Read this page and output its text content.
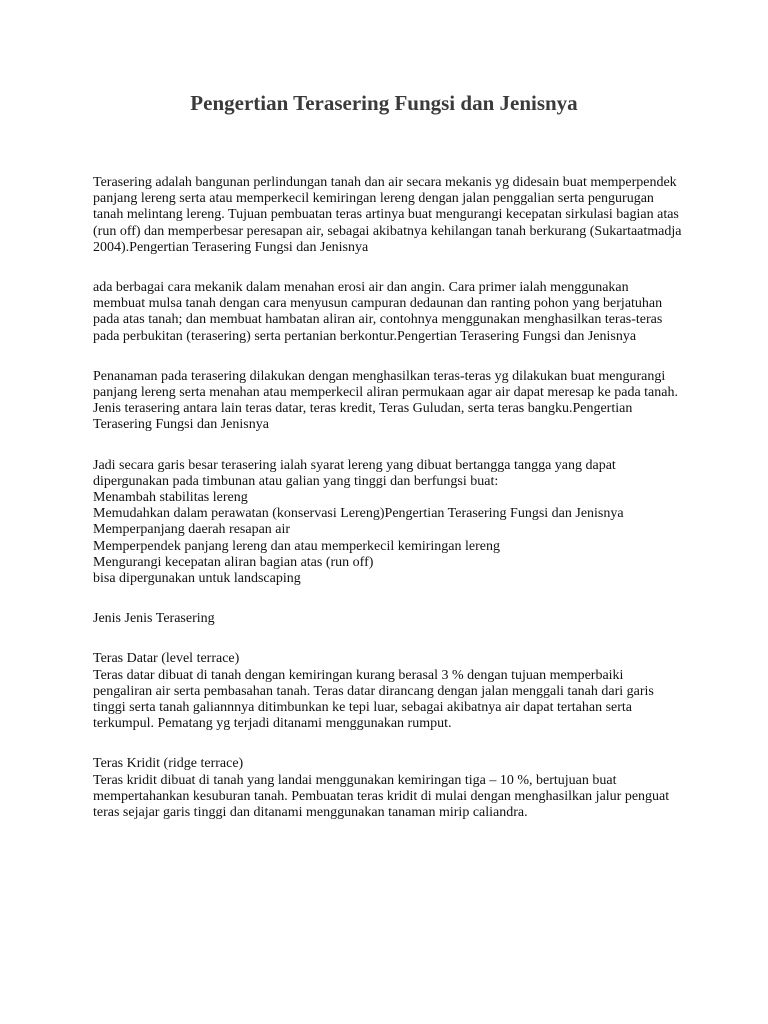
Pengertian Terasering Fungsi dan Jenisnya

Terasering adalah bangunan perlindungan tanah dan air secara mekanis yg didesain buat memperpendek panjang lereng serta atau memperkecil kemiringan lereng dengan jalan penggalian serta pengurugan tanah melintang lereng. Tujuan pembuatan teras artinya buat mengurangi kecepatan sirkulasi bagian atas (run off) dan memperbesar peresapan air, sebagai akibatnya kehilangan tanah berkurang (Sukartaatmadja 2004).Pengertian Terasering Fungsi dan Jenisnya

ada berbagai cara mekanik dalam menahan erosi air dan angin. Cara primer ialah menggunakan membuat mulsa tanah dengan cara menyusun campuran dedaunan dan ranting pohon yang berjatuhan pada atas tanah; dan membuat hambatan aliran air, contohnya menggunakan menghasilkan teras-teras pada perbukitan (terasering) serta pertanian berkontur.Pengertian Terasering Fungsi dan Jenisnya

Penanaman pada terasering dilakukan dengan menghasilkan teras-teras yg dilakukan buat mengurangi panjang lereng serta menahan atau memperkecil aliran permukaan agar air dapat meresap ke pada tanah. Jenis terasering antara lain teras datar, teras kredit, Teras Guludan, serta teras bangku.Pengertian Terasering Fungsi dan Jenisnya

Jadi secara garis besar terasering ialah syarat lereng yang dibuat bertangga tangga yang dapat dipergunakan pada timbunan atau galian yang tinggi dan berfungsi buat:
Menambah stabilitas lereng
Memudahkan dalam perawatan (konservasi Lereng)Pengertian Terasering Fungsi dan Jenisnya
Memperpanjang daerah resapan air
Memperpendek panjang lereng dan atau memperkecil kemiringan lereng
Mengurangi kecepatan aliran bagian atas (run off)
bisa dipergunakan untuk landscaping

Jenis Jenis Terasering

Teras Datar (level terrace)
Teras datar dibuat di tanah dengan kemiringan kurang berasal 3 % dengan tujuan memperbaiki pengaliran air serta pembasahan tanah. Teras datar dirancang dengan jalan menggali tanah dari garis tinggi serta tanah galiannnya ditimbunkan ke tepi luar, sebagai akibatnya air dapat tertahan serta terkumpul. Pematang yg terjadi ditanami menggunakan rumput.
Teras Kridit (ridge terrace)
Teras kridit dibuat di tanah yang landai menggunakan kemiringan tiga – 10 %, bertujuan buat mempertahankan kesuburan tanah. Pembuatan teras kridit di mulai dengan menghasilkan jalur penguat teras sejajar garis tinggi dan ditanami menggunakan tanaman mirip caliandra.
